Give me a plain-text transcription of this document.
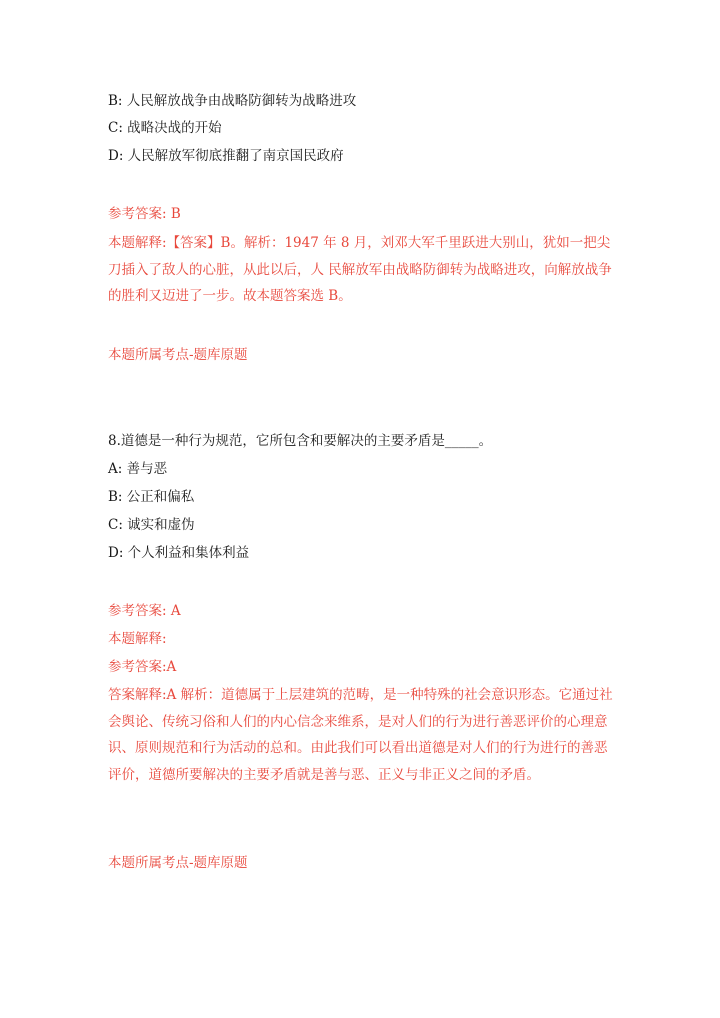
B: 人民解放战争由战略防御转为战略进攻
C: 战略决战的开始
D: 人民解放军彻底推翻了南京国民政府
参考答案: B
本题解释:【答案】B。解析：1947 年 8 月，刘邓大军千里跃进大别山，犹如一把尖刀插入了敌人的心脏，从此以后，人 民解放军由战略防御转为战略进攻，向解放战争的胜利又迈进了一步。故本题答案选 B。
本题所属考点-题库原题
8.道德是一种行为规范，它所包含和要解决的主要矛盾是_____。
A: 善与恶
B: 公正和偏私
C: 诚实和虚伪
D: 个人利益和集体利益
参考答案: A
本题解释:
参考答案:A
答案解释:A 解析：道德属于上层建筑的范畴，是一种特殊的社会意识形态。它通过社会舆论、传统习俗和人们的内心信念来维系，是对人们的行为进行善恶评价的心理意识、原则规范和行为活动的总和。由此我们可以看出道德是对人们的行为进行的善恶评价，道德所要解决的主要矛盾就是善与恶、正义与非正义之间的矛盾。
本题所属考点-题库原题
